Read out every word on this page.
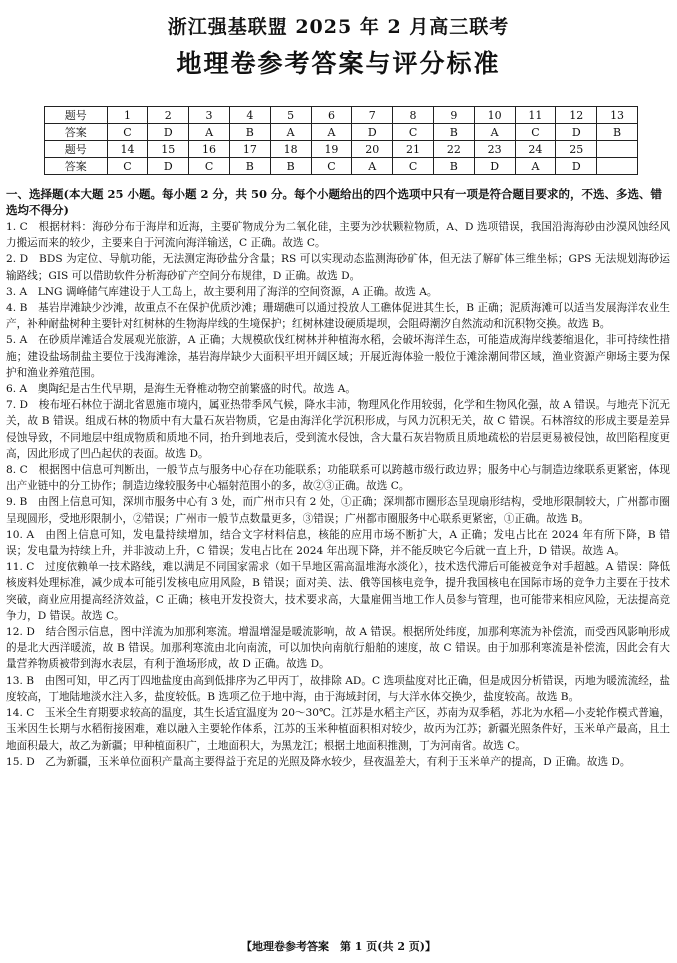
浙江强基联盟 2025 年 2 月高三联考
地理卷参考答案与评分标准
题号	1	2	3	4	5	6	7	8	9	10	11	12	13
答案	C	D	A	B	A	A	D	C	B	A	C	D	B
题号	14	15	16	17	18	19	20	21	22	23	24	25	
答案	C	D	C	B	B	C	A	C	B	D	A	D	
一、选择题(本大题 25 小题。每小题 2 分，共 50 分。每个小题给出的四个选项中只有一项是符合题目要求的，不选、多选、错选均不得分)

1. C　根据材料：海砂分布于海岸和近海，主要矿物成分为二氧化硅，主要为沙状颗粒物质，A、D 选项错误，我国沿海海砂由沙漠风蚀经风力搬运而来的较少，主要来自于河流向海洋输送，C 正确。故选 C。

2. D　BDS 为定位、导航功能，无法测定海砂盐分含量；RS 可以实现动态监测海砂矿体，但无法了解矿体三维坐标；GPS 无法规划海砂运输路线；GIS 可以借助软件分析海砂矿产空间分布规律，D 正确。故选 D。

3. A　LNG 调峰储气库建设于人工岛上，故主要利用了海洋的空间资源，A 正确。故选 A。

4. B　基岩岸滩缺少沙滩，故重点不在保护优质沙滩；珊瑚礁可以通过投放人工礁体促进其生长，B 正确；泥质海滩可以适当发展海洋农业生产，补种耐盐树种主要针对红树林的生物海岸线的生境保护；红树林建设硬质堤坝，会阻碍潮汐自然流动和沉积物交换。故选 B。

5. A　在砂质岸滩适合发展观光旅游，A 正确；大规模砍伐红树林并种植海水稻，会破坏海洋生态，可能造成海岸线萎缩退化，非可持续性措施；建设盐场制盐主要位于浅海滩涂，基岩海岸缺少大面积平坦开阔区域；开展近海体验一般位于滩涂潮间带区域，渔业资源产卵场主要为保护和渔业养殖范围。

6. A　奥陶纪是古生代早期，是海生无脊椎动物空前繁盛的时代。故选 A。

7. D　梭布垭石林位于湖北省恩施市境内，属亚热带季风气候，降水丰沛，物理风化作用较弱，化学和生物风化强，故 A 错误。与地壳下沉无关，故 B 错误。组成石林的物质中有大量石灰岩物质，它是由海洋化学沉积形成，与风力沉积无关，故 C 错误。石林溶纹的形成主要是差异侵蚀导致，不同地层中组成物质和质地不同，抬升到地表后，受到流水侵蚀，含大量石灰岩物质且质地疏松的岩层更易被侵蚀，故凹陷程度更高，因此形成了凹凸起伏的表面。故选 D。

8. C　根据图中信息可判断出，一般节点与服务中心存在功能联系；功能联系可以跨越市级行政边界；服务中心与制造边缘联系更紧密，体现出产业链中的分工协作；制造边缘较服务中心辐射范围小的多，故②③正确。故选 C。

9. B　由图上信息可知，深圳市服务中心有 3 处，而广州市只有 2 处，①正确；深圳都市圈形态呈现扇形结构，受地形限制较大，广州都市圈呈现圆形，受地形限制小，②错误；广州市一般节点数量更多，③错误；广州都市圈服务中心联系更紧密，①正确。故选 B。

10. A　由图上信息可知，发电量持续增加，结合文字材料信息，核能的应用市场不断扩大，A 正确；发电占比在 2024 年有所下降，B 错误；发电量为持续上升，并非波动上升，C 错误；发电占比在 2024 年出现下降，并不能反映它今后就一直上升，D 错误。故选 A。

11. C　过度依赖单一技术路线，难以满足不同国家需求（如干旱地区需高温堆海水淡化），技术迭代滞后可能被竞争对手超越。A 错误：降低核废料处理标准，减少成本可能引发核电应用风险，B 错误；面对美、法、俄等国核电竞争，提升我国核电在国际市场的竞争力主要在于技术突破，商业应用提高经济效益，C 正确；核电开发投资大，技术要求高，大量雇佣当地工作人员参与管理，也可能带来相应风险，无法提高竞争力，D 错误。故选 C。

12. D　结合图示信息，图中洋流为加那利寒流。增温增湿是暖流影响，故 A 错误。根据所处纬度，加那利寒流为补偿流，而受西风影响形成的是北大西洋暖流，故 B 错误。加那利寒流由北向南流，可以加快向南航行船舶的速度，故 C 错误。由于加那利寒流是补偿流，因此会有大量营养物质被带到海水表层，有利于渔场形成，故 D 正确。故选 D。

13. B　由图可知，甲乙丙丁四地盐度由高到低排序为乙甲丙丁，故排除 AD。C 选项盐度对比正确，但是成因分析错误，丙地为暖流流经，盐度较高，丁地陆地淡水注入多，盐度较低。B 选项乙位于地中海，由于海域封闭，与大洋水体交换少，盐度较高。故选 B。

14. C　玉米全生育期要求较高的温度，其生长适宜温度为 20～30℃。江苏是水稻主产区，苏南为双季稻，苏北为水稻—小麦轮作模式普遍，玉米因生长期与水稻衔接困难，难以融入主要轮作体系，江苏的玉米种植面积相对较少，故丙为江苏；新疆光照条件好，玉米单产最高，且土地面积最大，故乙为新疆；甲种植面积广，土地面积大，为黑龙江；根据土地面积推测，丁为河南省。故选 C。

15. D　乙为新疆，玉米单位面积产量高主要得益于充足的光照及降水较少，昼夜温差大，有利于玉米单产的提高，D 正确。故选 D。

【地理卷参考答案　第 1 页(共 2 页)】
